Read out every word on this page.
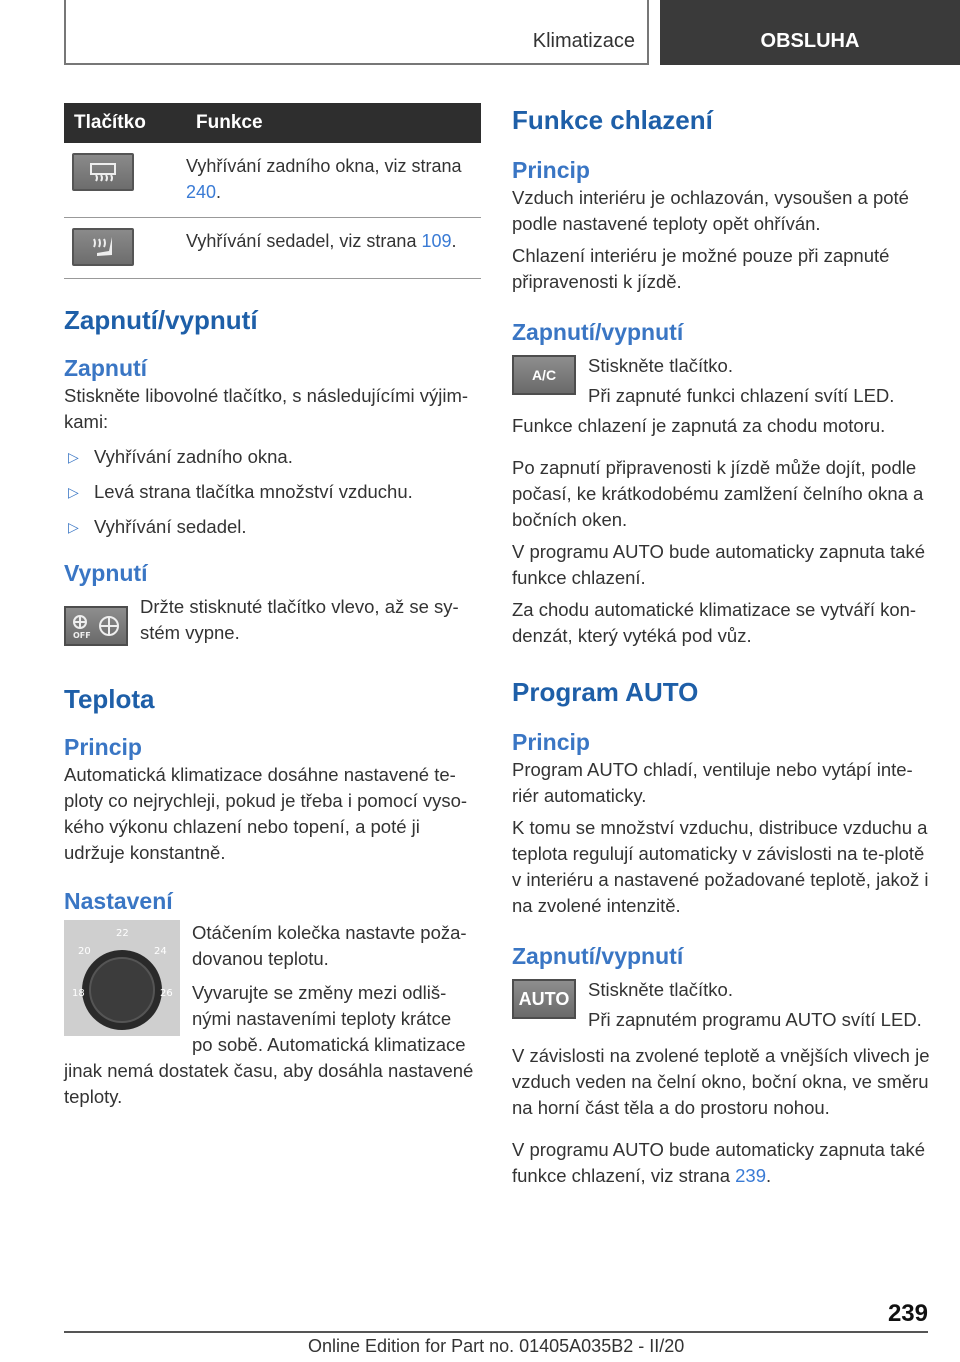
Klimatizace	OBSLUHA
Tlačítko	Funkce

	Vyhřívání zadního okna, viz strana 240.

	Vyhřívání sedadel, viz strana 109.
Zapnutí/vypnutí
Zapnutí

Stiskněte libovolné tlačítko, s následujícími výjim-kami:

▷ Vyhřívání zadního okna.
▷ Levá strana tlačítka množství vzduchu.
▷ Vyhřívání sedadel.
Vypnutí
OFF

Držte stisknuté tlačítko vlevo, až se sy-stém vypne.

Teplota
Princip

Automatická klimatizace dosáhne nastavené te-ploty co nejrychleji, pokud je třeba i pomocí vyso-kého výkonu chlazení nebo topení, a poté ji udržuje konstantně.

Nastavení
18
20
22
24
26

Otáčením kolečka nastavte poža-dovanou teplotu.

Vyvarujte se změny mezi odliš-
nými nastaveními teploty krátce
po sobě. Automatická klimatizace

jinak nemá dostatek času, aby dosáhla nastavené teploty.

Funkce chlazení
Princip

Vzduch interiéru je ochlazován, vysoušen a poté podle nastavené teploty opět ohříván.

Chlazení interiéru je možné pouze při zapnuté připravenosti k jízdě.

Zapnutí/vypnutí
A/C Stiskněte tlačítko.

Při zapnuté funkci chlazení svítí LED.

Funkce chlazení je zapnutá za chodu motoru.

Po zapnutí připravenosti k jízdě může dojít, podle počasí, ke krátkodobému zamlžení čelního okna a bočních oken.

V programu AUTO bude automaticky zapnuta také funkce chlazení.

Za chodu automatické klimatizace se vytváří kon-denzát, který vytéká pod vůz.

Program AUTO
Princip

Program AUTO chladí, ventiluje nebo vytápí inte-riér automaticky.

K tomu se množství vzduchu, distribuce vzduchu a teplota regulují automaticky v závislosti na te-plotě v interiéru a nastavené požadované teplotě, jakož i na zvolené intenzitě.

Zapnutí/vypnutí
AUTO Stiskněte tlačítko.

Při zapnutém programu AUTO svítí LED.

V závislosti na zvolené teplotě a vnějších vlivech je vzduch veden na čelní okno, boční okna, ve směru na horní část těla a do prostoru nohou.

V programu AUTO bude automaticky zapnuta také funkce chlazení, viz strana 239.

239
Online Edition for Part no. 01405A035B2 - II/20
